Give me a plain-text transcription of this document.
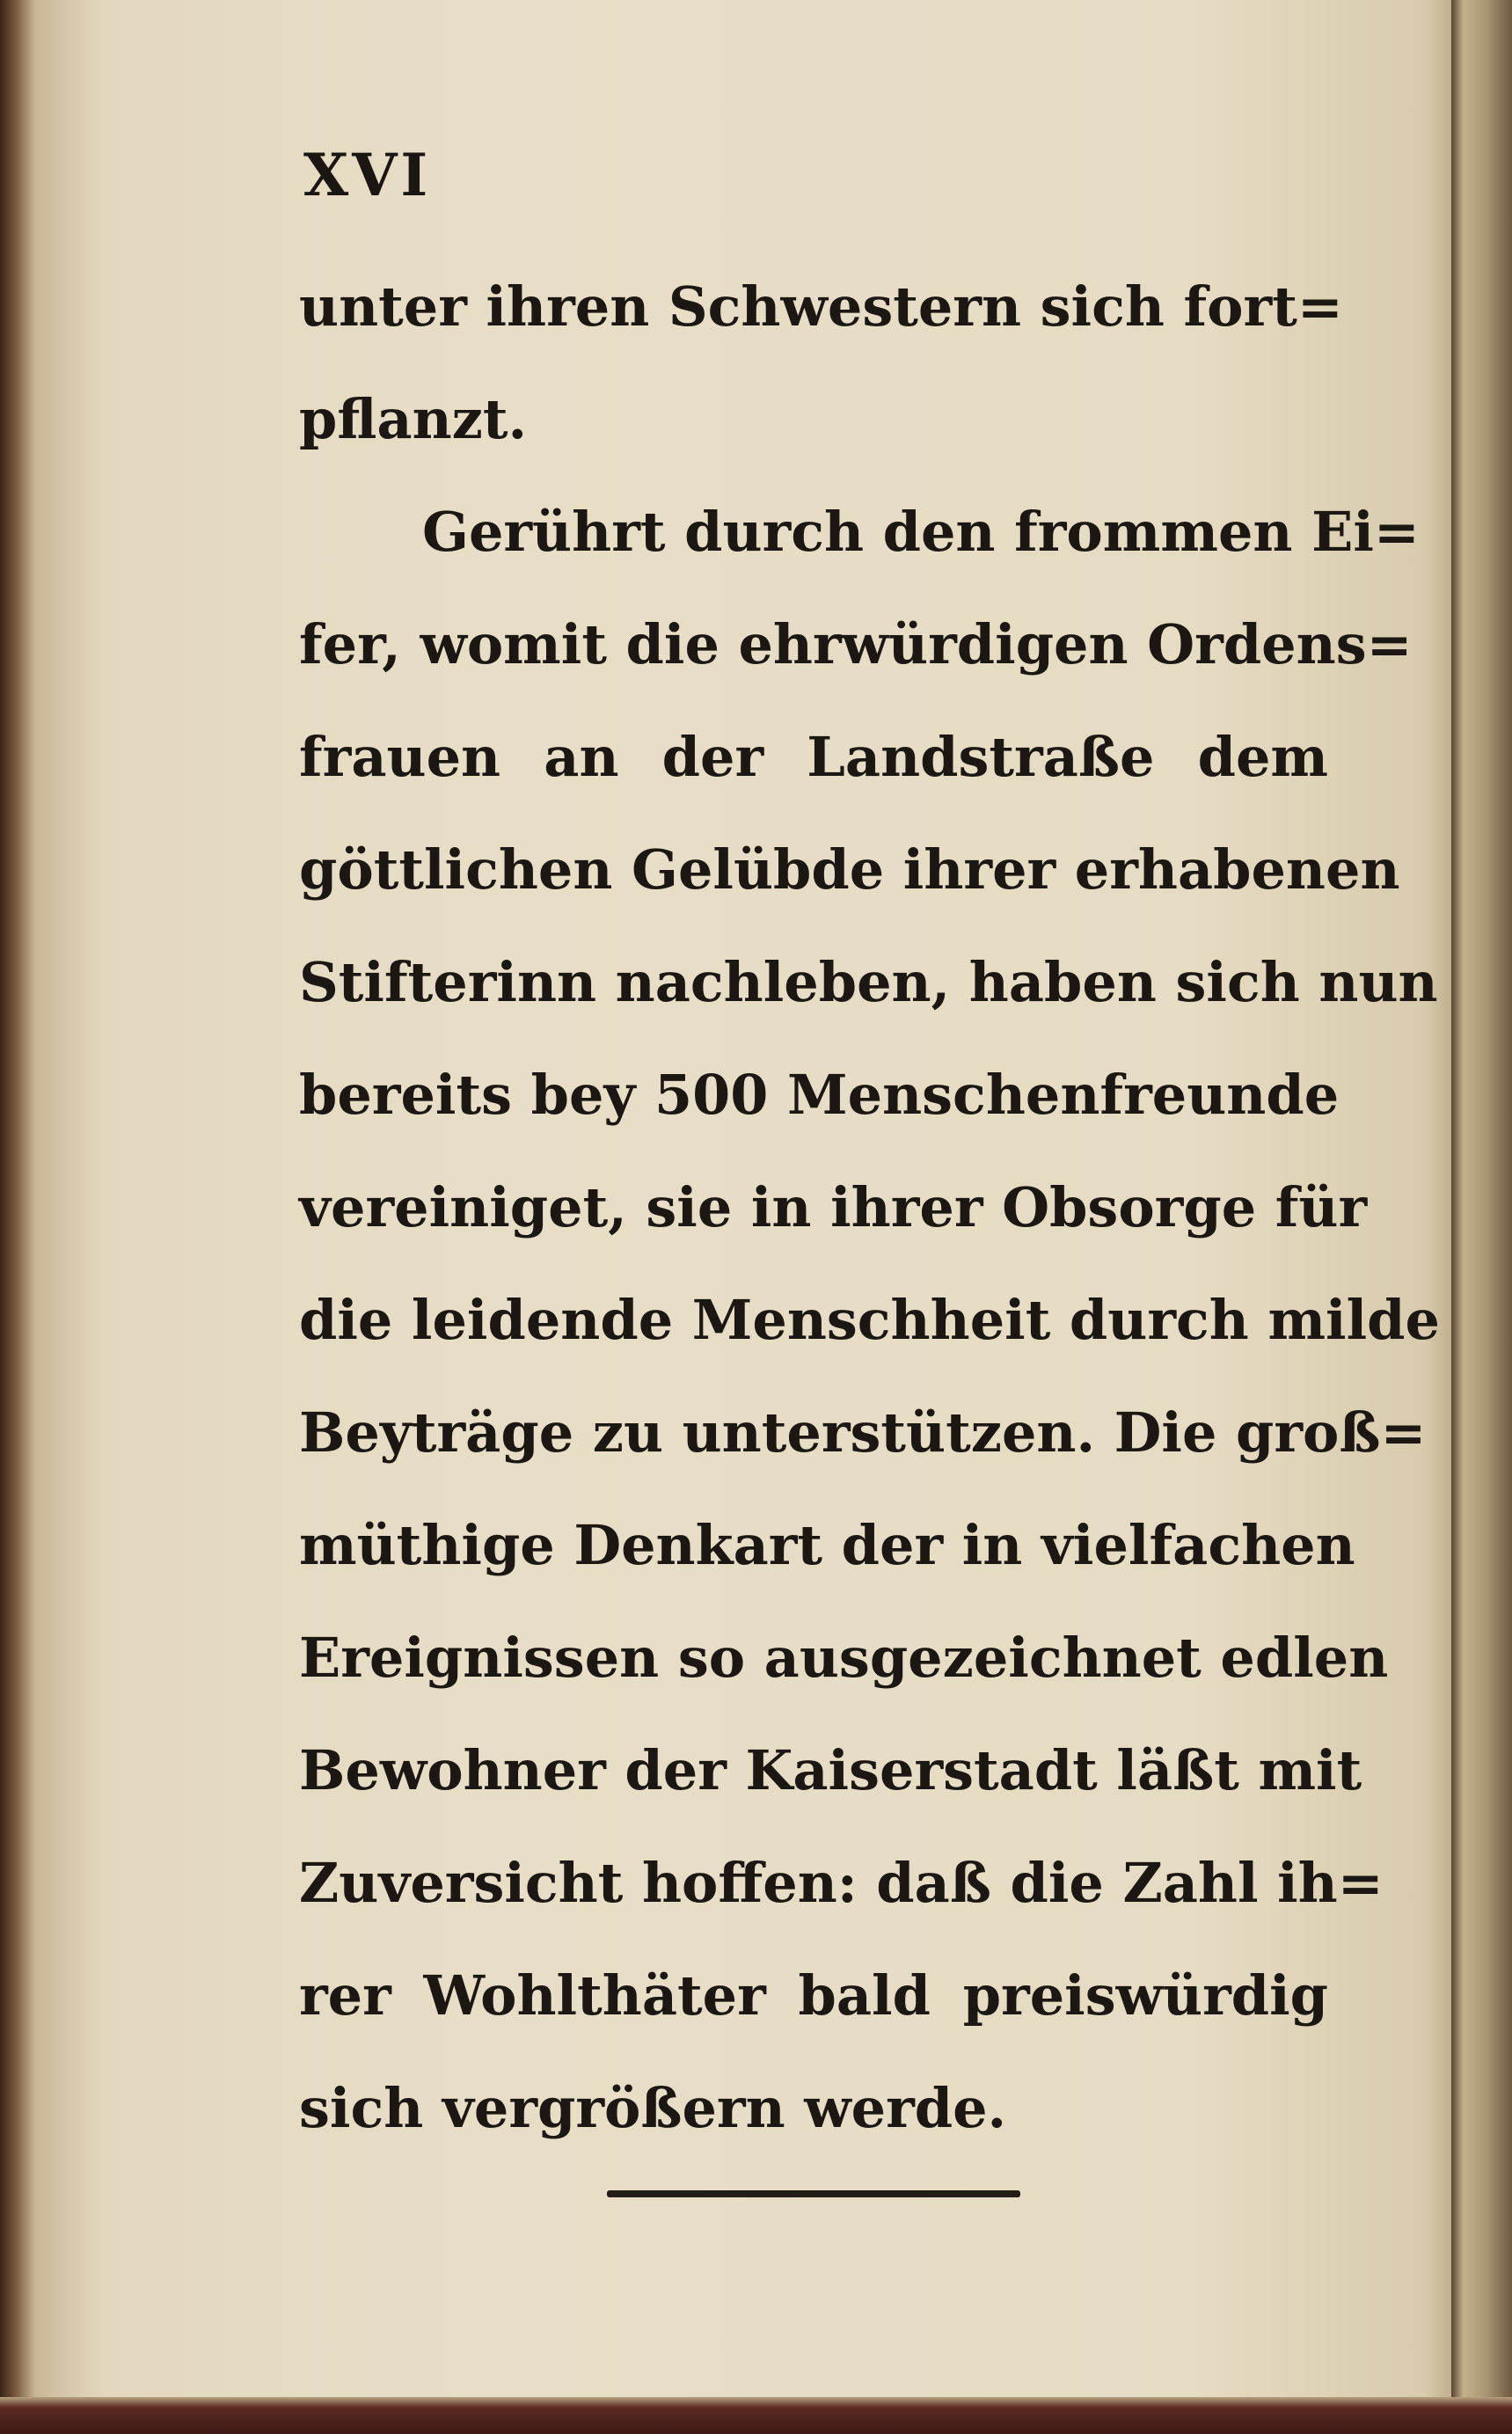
XVI
unter ihren Schwestern sich fort=
pflanzt.
Gerührt durch den frommen Ei=
fer, womit die ehrwürdigen Ordens=
frauen an der Landstraße dem
göttlichen Gelübde ihrer erhabenen
Stifterinn nachleben, haben sich nun
bereits bey 500 Menschenfreunde
vereiniget, sie in ihrer Obsorge für
die leidende Menschheit durch milde
Beyträge zu unterstützen. Die groß=
müthige Denkart der in vielfachen
Ereignissen so ausgezeichnet edlen
Bewohner der Kaiserstadt läßt mit
Zuversicht hoffen: daß die Zahl ih=
rer Wohlthäter bald preiswürdig
sich vergrößern werde.
